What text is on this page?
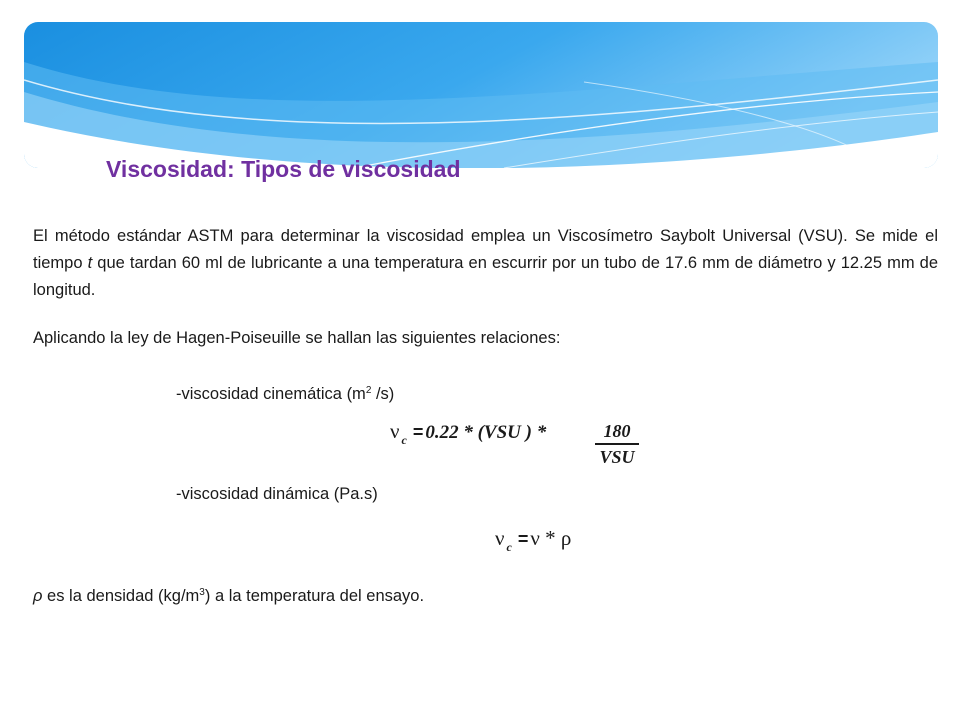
Viscosidad: Tipos de viscosidad

El método estándar ASTM para determinar la viscosidad emplea un Viscosímetro Saybolt Universal (VSU). Se mide el tiempo t que tardan 60 ml de lubricante a una temperatura en escurrir por un tubo de 17.6 mm de diámetro y 12.25 mm de longitud.

Aplicando la ley de Hagen-Poiseuille se hallan las siguientes relaciones:

-viscosidad cinemática ($m^2$ /s)
ν $_c$ = 0.22 * (VSU ) *	180
VSU
-viscosidad dinámica (Pa.s)
ν $_c$ =ν * ρ

ρ es la densidad $(kg/m^3)$ a la temperatura del ensayo.
